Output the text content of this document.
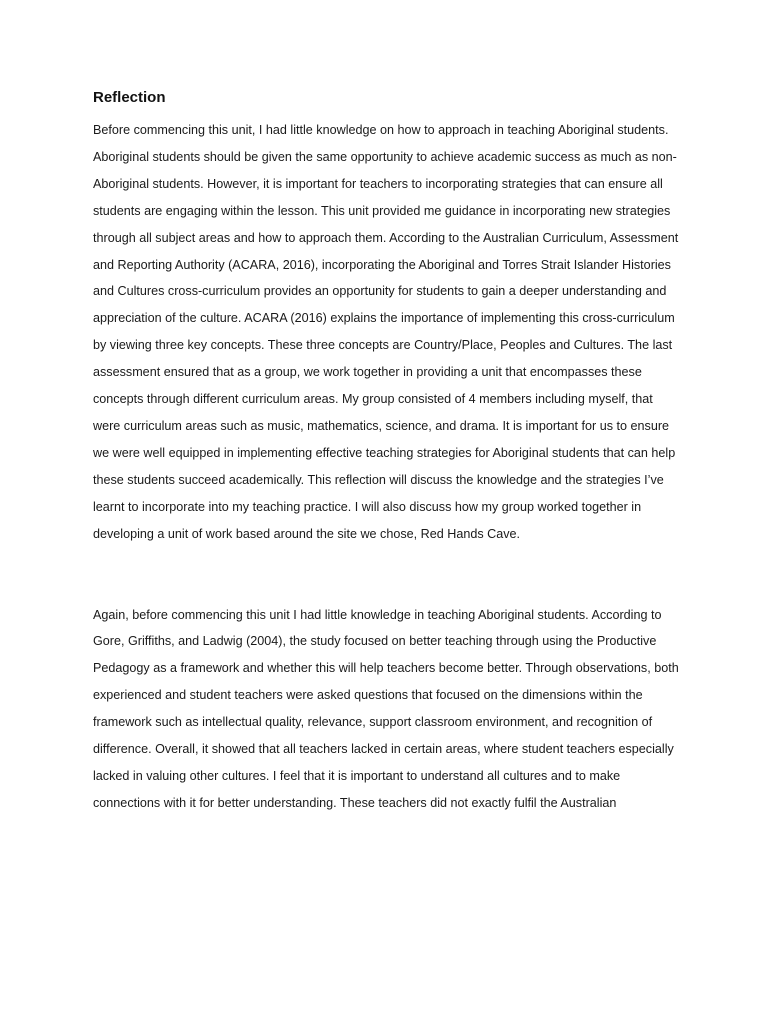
Reflection

Before commencing this unit, I had little knowledge on how to approach in teaching Aboriginal students. Aboriginal students should be given the same opportunity to achieve academic success as much as non-Aboriginal students. However, it is important for teachers to incorporating strategies that can ensure all students are engaging within the lesson. This unit provided me guidance in incorporating new strategies through all subject areas and how to approach them. According to the Australian Curriculum, Assessment and Reporting Authority (ACARA, 2016), incorporating the Aboriginal and Torres Strait Islander Histories and Cultures cross-curriculum provides an opportunity for students to gain a deeper understanding and appreciation of the culture. ACARA (2016) explains the importance of implementing this cross-curriculum by viewing three key concepts. These three concepts are Country/Place, Peoples and Cultures. The last assessment ensured that as a group, we work together in providing a unit that encompasses these concepts through different curriculum areas. My group consisted of 4 members including myself, that were curriculum areas such as music, mathematics, science, and drama. It is important for us to ensure we were well equipped in implementing effective teaching strategies for Aboriginal students that can help these students succeed academically. This reflection will discuss the knowledge and the strategies I’ve learnt to incorporate into my teaching practice. I will also discuss how my group worked together in developing a unit of work based around the site we chose, Red Hands Cave.

Again, before commencing this unit I had little knowledge in teaching Aboriginal students. According to Gore, Griffiths, and Ladwig (2004), the study focused on better teaching through using the Productive Pedagogy as a framework and whether this will help teachers become better. Through observations, both experienced and student teachers were asked questions that focused on the dimensions within the framework such as intellectual quality, relevance, support classroom environment, and recognition of difference. Overall, it showed that all teachers lacked in certain areas, where student teachers especially lacked in valuing other cultures. I feel that it is important to understand all cultures and to make connections with it for better understanding. These teachers did not exactly fulfil the Australian
